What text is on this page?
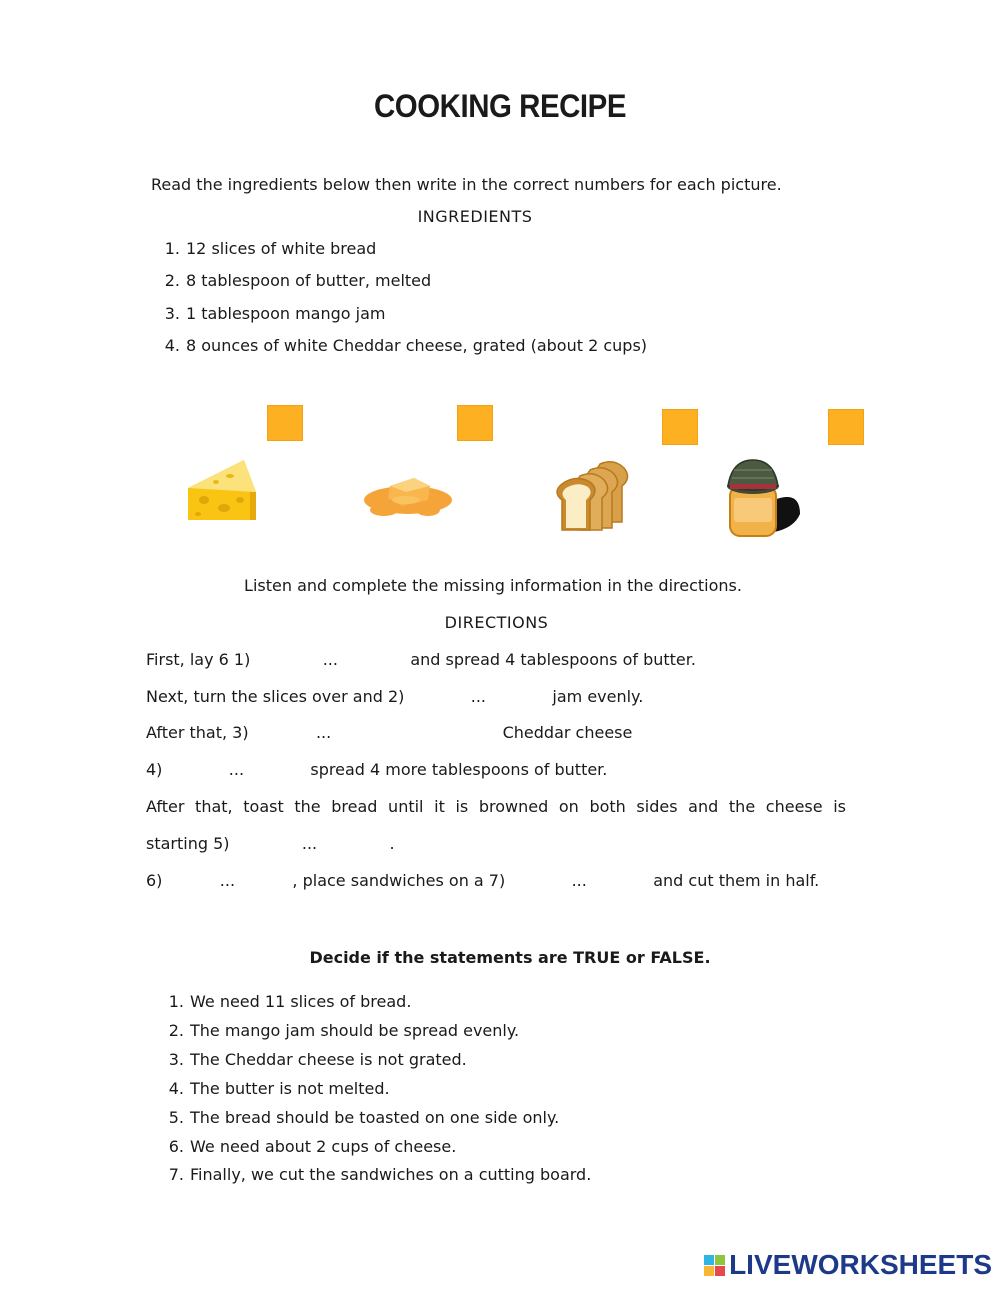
COOKING RECIPE
Read the ingredients below then write in the correct numbers for each picture.
INGREDIENTS
1. 12 slices of white bread
2. 8 tablespoon of butter, melted
3. 1 tablespoon mango jam
4. 8 ounces of white Cheddar cheese, grated (about 2 cups)
Listen and complete the missing information in the directions.
DIRECTIONS
First, lay 6 1)	...	and spread 4 tablespoons of butter.
Next, turn the slices over and 2)	...	jam evenly.
After that, 3)	...	Cheddar cheese
4)	...	spread 4 more tablespoons of butter.
After that, toast the bread until it is browned on both sides and the cheese is
starting 5)	...	.
6)	...	, place sandwiches on a 7)	...	and cut them in half.
Decide if the statements are TRUE or FALSE.
1. We need 11 slices of bread.
2. The mango jam should be spread evenly.
3. The Cheddar cheese is not grated.
4. The butter is not melted.
5. The bread should be toasted on one side only.
6. We need about 2 cups of cheese.
7. Finally, we cut the sandwiches on a cutting board.
LIVEWORKSHEETS
